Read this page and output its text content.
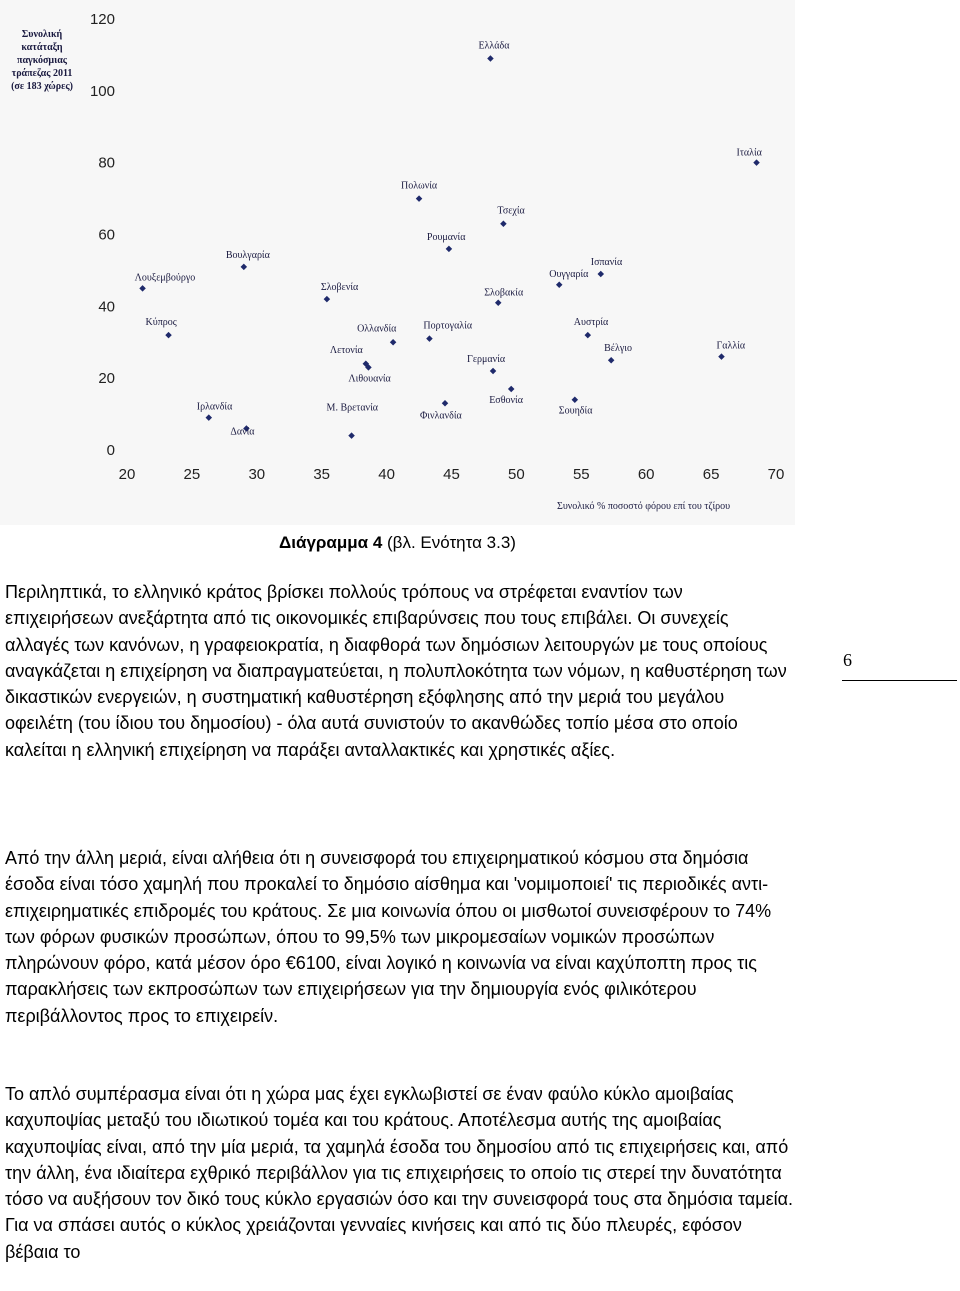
Συνολική
κατάταξη
παγκόσμιας
τράπεζας 2011
(σε 183 χώρες)
0
20
40
60
80
100
120
20	25	30	35	40	45	50	55	60	65	70
Συνολικό % ποσοστό φόρου επί του τζίρου
Ελλάδα
Ιταλία
Πολωνία
Τσεχία
Βουλγαρία
Ρουμανία
Ουγγαρία
Ισπανία
Λουξεμβούργο
Σλοβενία
Σλοβακία
Κύπρος
Ολλανδία	Πορτογαλία	Αυστρία
Λετονία
Λιθουανία
Γερμανία
Βέλγιο	Γαλλία
Εσθονία
Σουηδία
Φινλανδία
Ιρλανδία
Δανία
Μ. Βρετανία
Διάγραμμα 4 (βλ. Ενότητα 3.3)

Περιληπτικά, το ελληνικό κράτος βρίσκει πολλούς τρόπους να στρέφεται εναντίον των επιχειρήσεων ανεξάρτητα από τις οικονομικές επιβαρύνσεις που τους επιβάλει. Οι συνεχείς αλλαγές των κανόνων, η γραφειοκρατία, η διαφθορά των δημόσιων λειτουργών με τους οποίους αναγκάζεται η επιχείρηση να διαπραγματεύεται, η πολυπλοκότητα των νόμων, η καθυστέρηση των δικαστικών ενεργειών, η συστηματική καθυστέρηση εξόφλησης από την μεριά του μεγάλου οφειλέτη (του ίδιου του δημοσίου) - όλα αυτά συνιστούν το ακανθώδες τοπίο μέσα στο οποίο καλείται η ελληνική επιχείρηση να παράξει ανταλλακτικές και χρηστικές αξίες.

Από την άλλη μεριά, είναι αλήθεια ότι η συνεισφορά του επιχειρηματικού κόσμου στα δημόσια έσοδα είναι τόσο χαμηλή που προκαλεί το δημόσιο αίσθημα και 'νομιμοποιεί' τις περιοδικές αντι-επιχειρηματικές επιδρομές του κράτους. Σε μια κοινωνία όπου οι μισθωτοί συνεισφέρουν το 74% των φόρων φυσικών προσώπων, όπου το 99,5% των μικρομεσαίων νομικών προσώπων πληρώνουν φόρο, κατά μέσον όρο €6100, είναι λογικό η κοινωνία να είναι καχύποπτη προς τις παρακλήσεις των εκπροσώπων των επιχειρήσεων για την δημιουργία ενός φιλικότερου περιβάλλοντος προς το επιχειρείν.

Το απλό συμπέρασμα είναι ότι η χώρα μας έχει εγκλωβιστεί σε έναν φαύλο κύκλο αμοιβαίας καχυποψίας μεταξύ του ιδιωτικού τομέα και του κράτους. Αποτέλεσμα αυτής της αμοιβαίας καχυποψίας είναι, από την μία μεριά, τα χαμηλά έσοδα του δημοσίου από τις επιχειρήσεις και, από την άλλη, ένα ιδιαίτερα εχθρικό περιβάλλον για τις επιχειρήσεις το οποίο τις στερεί την δυνατότητα τόσο να αυξήσουν τον δικό τους κύκλο εργασιών όσο και την συνεισφορά τους στα δημόσια ταμεία. Για να σπάσει αυτός ο κύκλος χρειάζονται γενναίες κινήσεις και από τις δύο πλευρές, εφόσον βέβαια το

6
